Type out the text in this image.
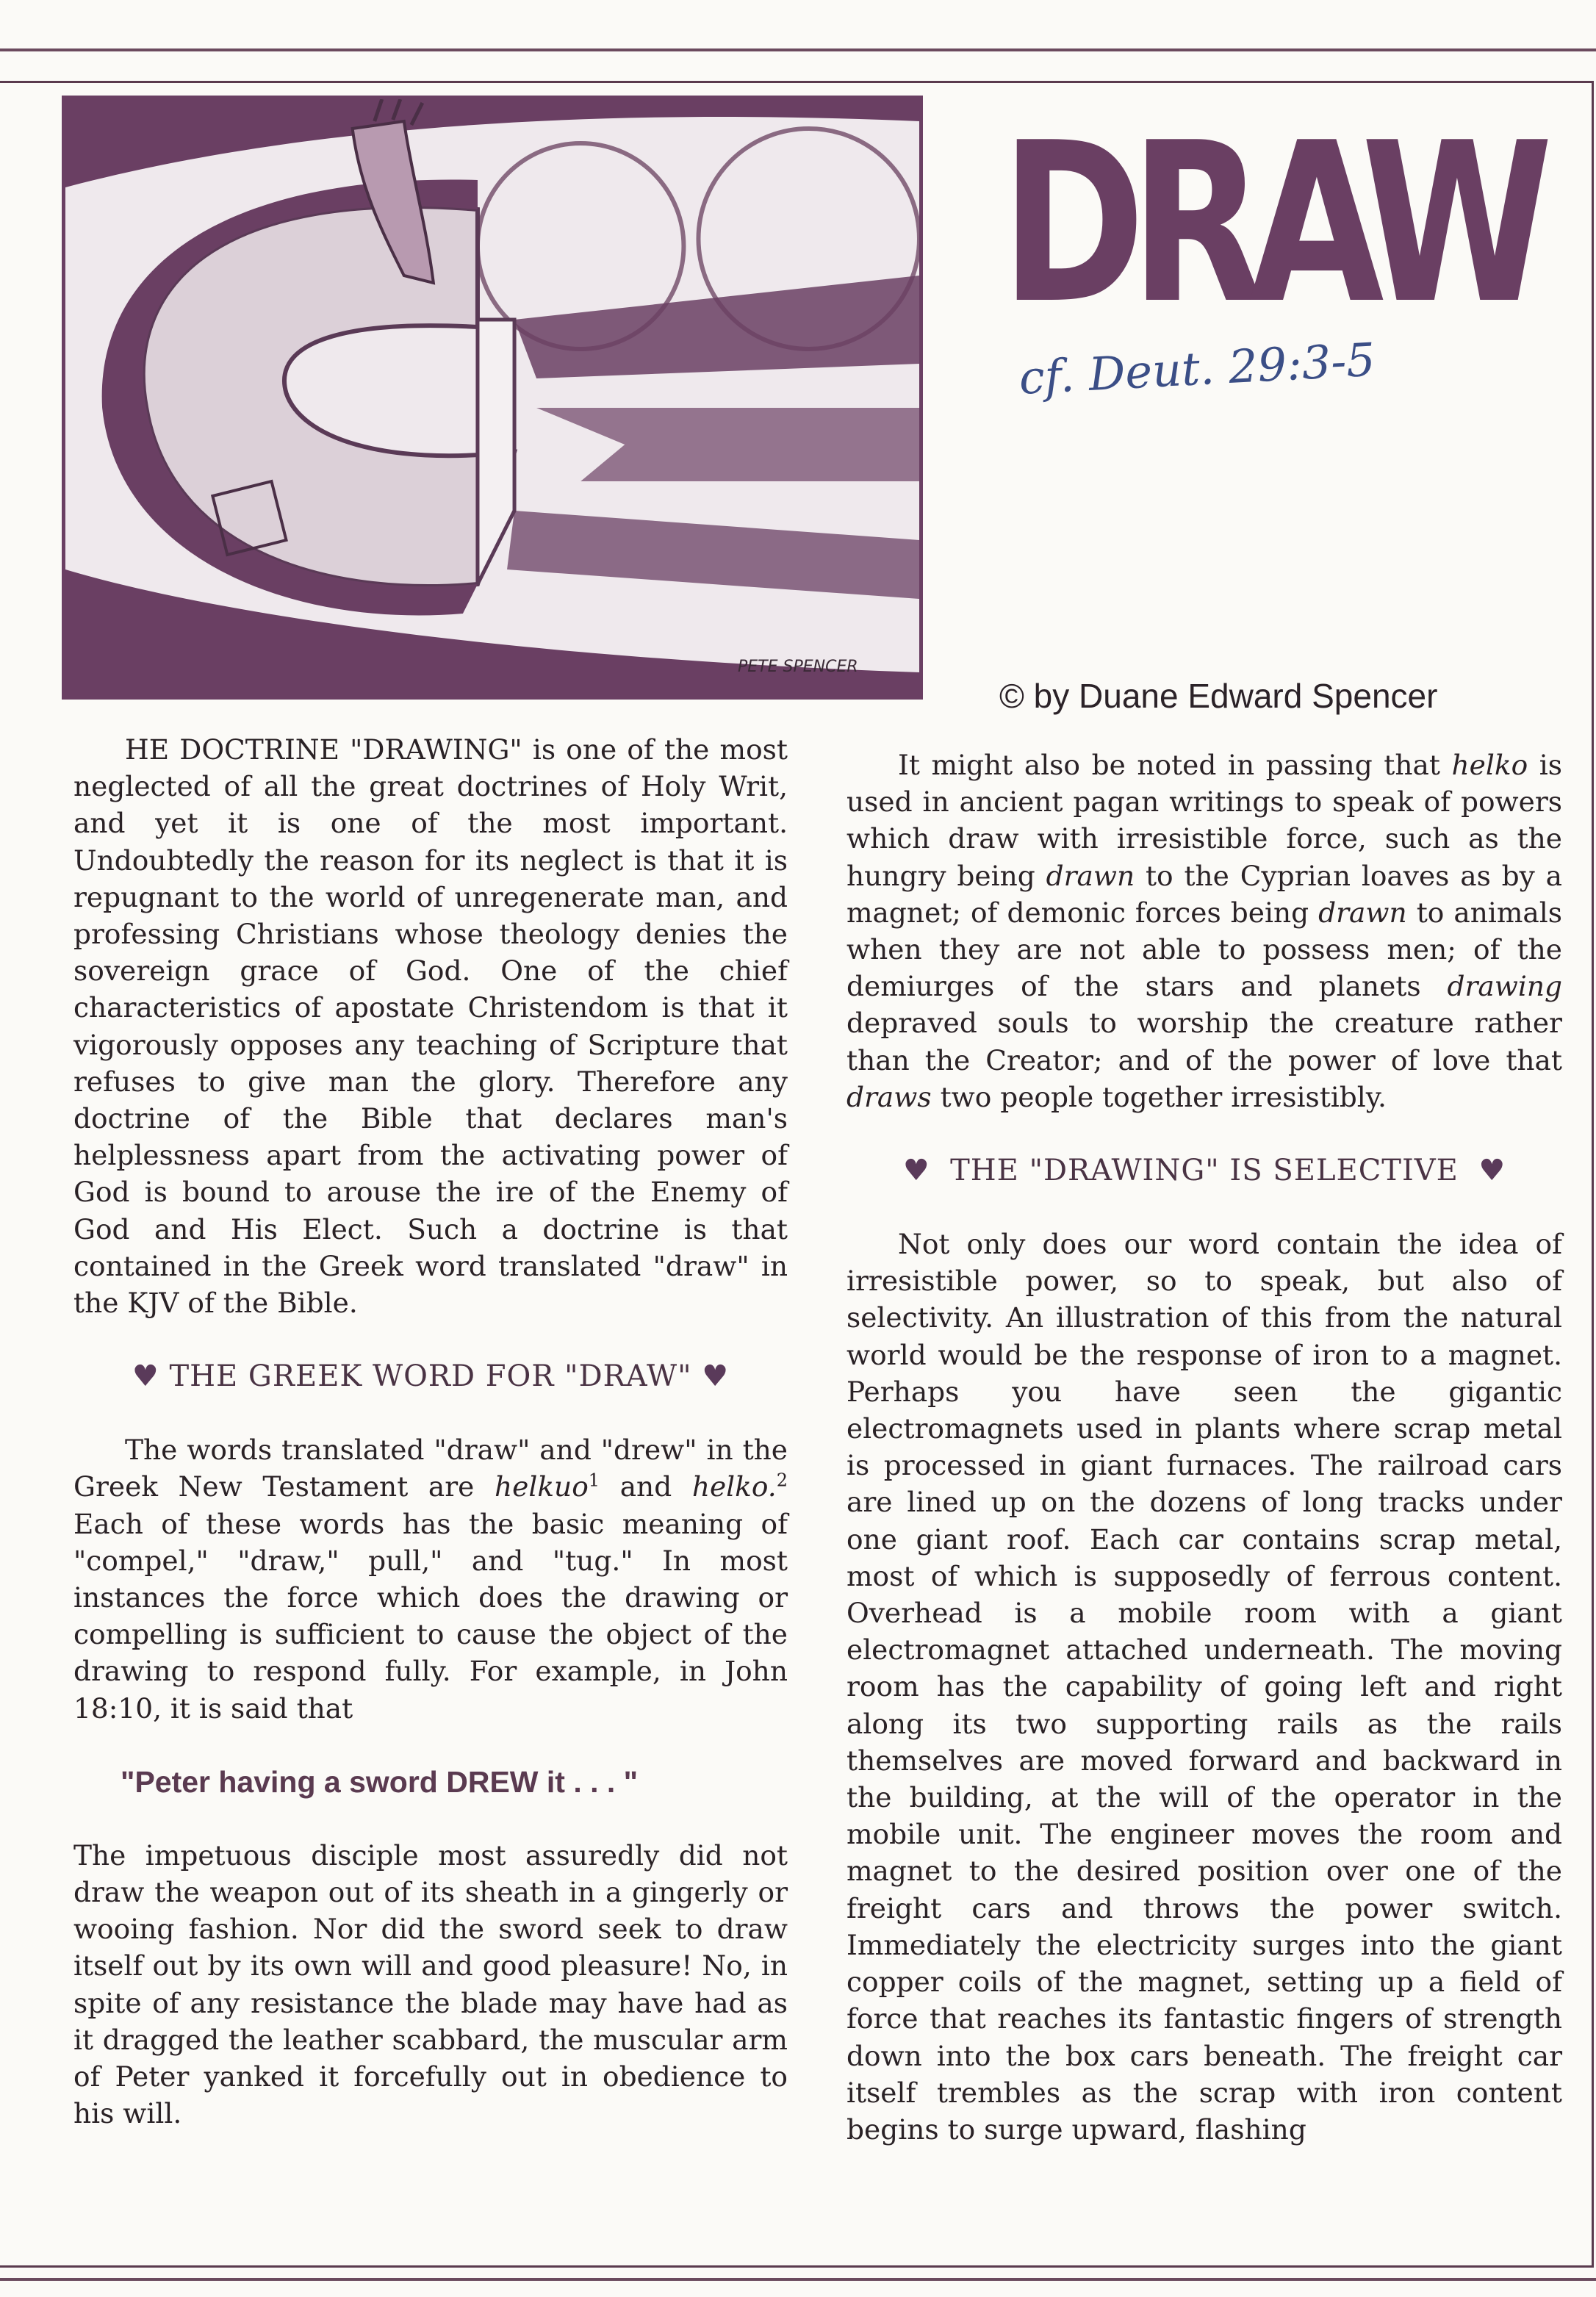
PETE SPENCER
DRAW
cf. Deut. 29:3-5
© by Duane Edward Spencer

HE DOCTRINE "DRAWING" is one of the most neglected of all the great doctrines of Holy Writ, and yet it is one of the most important. Undoubtedly the reason for its neglect is that it is repugnant to the world of unregenerate man, and professing Christians whose theology denies the sovereign grace of God. One of the chief characteristics of apostate Christendom is that it vigorously opposes any teaching of Scripture that refuses to give man the glory. Therefore any doctrine of the Bible that declares man's helplessness apart from the activating power of God is bound to arouse the ire of the Enemy of God and His Elect. Such a doctrine is that contained in the Greek word translated "draw" in the KJV of the Bible.

♥ THE GREEK WORD FOR "DRAW" ♥

The words translated "draw" and "drew" in the Greek New Testament are helkuo$^1$ and helko.$^2$ Each of these words has the basic meaning of "compel," "draw," pull," and "tug." In most instances the force which does the drawing or compelling is sufficient to cause the object of the drawing to respond fully. For example, in John 18:10, it is said that

"Peter having a sword DREW it . . . "

The impetuous disciple most assuredly did not draw the weapon out of its sheath in a gingerly or wooing fashion. Nor did the sword seek to draw itself out by its own will and good pleasure! No, in spite of any resistance the blade may have had as it dragged the leather scabbard, the muscular arm of Peter yanked it forcefully out in obedience to his will.

It might also be noted in passing that helko is used in ancient pagan writings to speak of powers which draw with irresistible force, such as the hungry being drawn to the Cyprian loaves as by a magnet; of demonic forces being drawn to animals when they are not able to possess men; of the demiurges of the stars and planets drawing depraved souls to worship the creature rather than the Creator; and of the power of love that draws two people together irresistibly.

♥ THE "DRAWING" IS SELECTIVE ♥

Not only does our word contain the idea of irresistible power, so to speak, but also of selectivity. An illustration of this from the natural world would be the response of iron to a magnet. Perhaps you have seen the gigantic electromagnets used in plants where scrap metal is processed in giant furnaces. The railroad cars are lined up on the dozens of long tracks under one giant roof. Each car contains scrap metal, most of which is supposedly of ferrous content. Overhead is a mobile room with a giant electromagnet attached underneath. The moving room has the capability of going left and right along its two supporting rails as the rails themselves are moved forward and backward in the building, at the will of the operator in the mobile unit. The engineer moves the room and magnet to the desired position over one of the freight cars and throws the power switch. Immediately the electricity surges into the giant copper coils of the magnet, setting up a field of force that reaches its fantastic fingers of strength down into the box cars beneath. The freight car itself trembles as the scrap with iron content begins to surge upward, flashing
